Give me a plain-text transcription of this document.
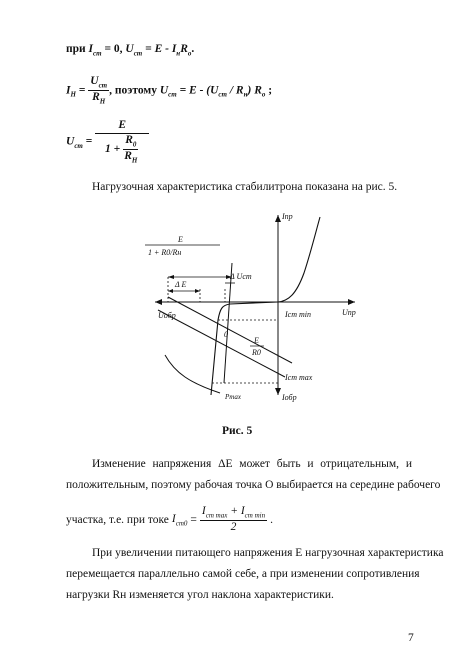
при $I_{ст} = 0$, $U_{ст} = E - I_нR_о$.
$I_Н = \frac{U_{ст}}{R_Н}$ , поэтому $U_{ст} = E - (U_{ст} / R_н)$ $R_о$ ;
$U_{ст} = \frac{E}{1 + \frac{R_0}{R_Н}}$
Нагрузочная характеристика стабилитрона показана на рис. 5.
Iпр
Uпр
Uобр
Iобр
E
1 + R0/Rн
Δ E
Δ Uст
Iст min
Iст max
0
E
R0
Pmax
Рис. 5
Изменение напряжения ΔE может быть и отрицательным, и
положительным, поэтому рабочая точка О выбирается на середине рабочего
участка, т.е. при токе $I_{ст0} = \frac{I_{ст max} + I_{ст min}}{2}$ .
При увеличении питающего напряжения E нагрузочная характеристика
перемещается параллельно самой себе, а при изменении сопротивления
нагрузки Rн изменяется угол наклона характеристики.
7
